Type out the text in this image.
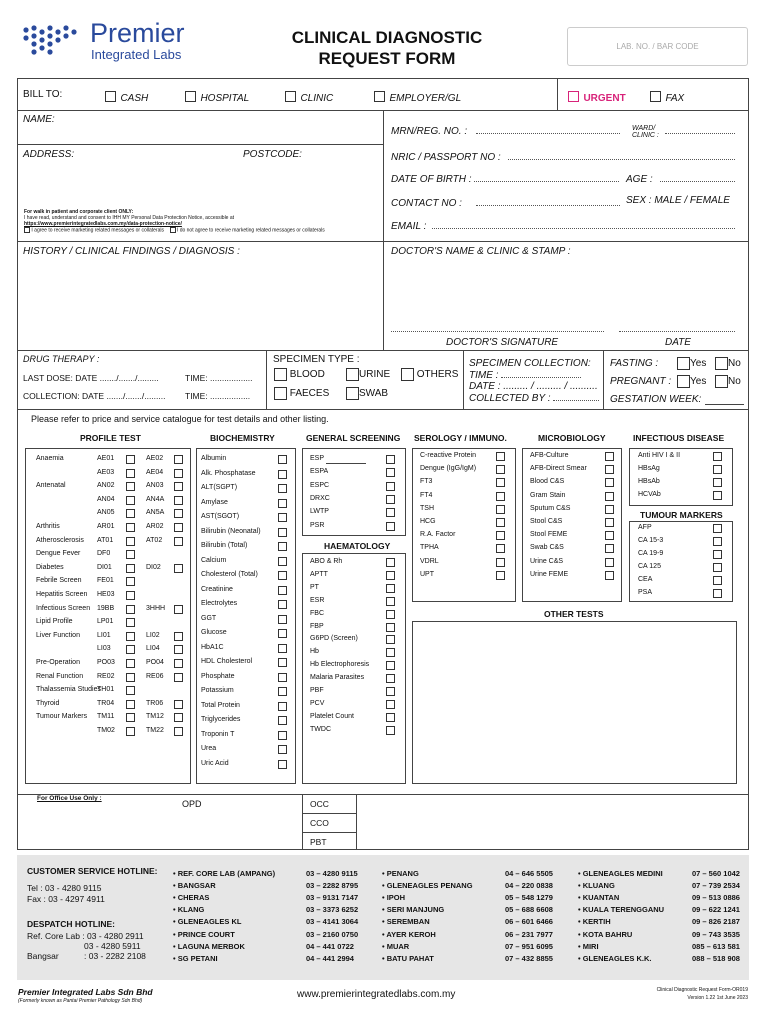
Premier
Integrated Labs
CLINICAL DIAGNOSTIC
REQUEST FORM
LAB. NO. / BAR CODE
BILL TO:	CASH	HOSPITAL	CLINIC	EMPLOYER/GL	URGENT	FAX
NAME:
ADDRESS:	POSTCODE:
MRN/REG. NO. :	WARD/
CLINIC :
NRIC / PASSPORT NO :
DATE OF BIRTH :	AGE :
CONTACT NO :	SEX : MALE / FEMALE
EMAIL :
For walk in patient and corporate client ONLY:
I have read, understand and consent to IHH MY Personal Data Protection Notice, accessible at
https://www.premierintegratedlabs.com.my/data-protection-notice/
I agree to receive marketing related messages or collaterals	I do not agree to receive marketing related messages or collaterals
HISTORY / CLINICAL FINDINGS / DIAGNOSIS :	DOCTOR'S NAME & CLINIC & STAMP :
DOCTOR'S SIGNATURE	DATE
DRUG THERAPY :
LAST DOSE: DATE ......./......./.........	TIME: ..................
COLLECTION: DATE ......./......./......... TIME: .................
SPECIMEN TYPE :
BLOOD	URINE	OTHERS
FAECES	SWAB
SPECIMEN COLLECTION:
TIME :
DATE : ......... / ......... / ..........
COLLECTED BY :
FASTING :	Yes	No
PREGNANT :	Yes	No
GESTATION WEEK:
Please refer to price and service catalogue for test details and other listing.
PROFILE TEST	BIOCHEMISTRY	GENERAL SCREENING SEROLOGY / IMMUNO.	MICROBIOLOGY	INFECTIOUS DISEASE
Anaemia	AE01	AE02
AE03	AE04
Antenatal	AN02	AN03
AN04	AN4A
AN05	AN5A
Arthritis	AR01	AR02
Atherosclerosis AT01	AT02
Dengue Fever DF0
Diabetes	DI01	DI02
Febrile Screen FE01
Hepatitis Screen HE03
Infectious Screen 19BB	3HHH
Lipid Profile	LP01
Liver Function LI01	LI02
LI03	LI04
Pre-Operation PO03	PO04
Renal Function RE02	RE06
Thalassemia Studies
TH01
Thyroid	TR04	TR06
Tumour Markers TM11	TM12
TM02	TM22
Albumin
Alk. Phosphatase
ALT(SGPT)
Amylase
AST(SGOT)
Bilirubin (Neonatal)
Bilirubin (Total)
Calcium
Cholesterol (Total)
Creatinine
Electrolytes
GGT
Glucose
HbA1C
HDL Cholesterol
Phosphate
Potassium
Total Protein
Triglycerides
Troponin T
Urea
Uric Acid
ESP
ESPA
ESPC
DRXC
LWTP
PSR
HAEMATOLOGY
ABO & Rh
APTT
PT
ESR
FBC
FBP
G6PD (Screen)
Hb
Hb Electrophoresis
Malaria Parasites
PBF
PCV
Platelet Count
TWDC
C-reactive Protein
Dengue (IgG/IgM)
FT3
FT4
TSH
HCG
R.A. Factor
TPHA
VDRL
UPT
AFB-Culture
AFB-Direct Smear
Blood C&S
Gram Stain
Sputum C&S
Stool C&S
Stool FEME
Swab C&S
Urine C&S
Urine FEME
Anti HIV I & II
HBsAg
HBsAb
HCVAb
TUMOUR MARKERS
AFP
CA 15-3
CA 19-9
CA 125
CEA
PSA
OTHER TESTS
For Office Use Only :
OPD	OCC
CCO
PBT
CUSTOMER SERVICE HOTLINE:
Tel : 03 - 4280 9115
Fax : 03 - 4297 4911
DESPATCH HOTLINE:
Ref. Core Lab : 03 - 4280 2911
03 - 4280 5911
Bangsar	: 03 - 2282 2108
• REF. CORE LAB (AMPANG)	03 – 4280 9115
• BANGSAR	03 – 2282 8795
• CHERAS	03 – 9131 7147
• KLANG	03 – 3373 6252
• GLENEAGLES KL	03 – 4141 3064
• PRINCE COURT	03 – 2160 0750
• LAGUNA MERBOK	04 – 441 0722
• SG PETANI	04 – 441 2994
• PENANG	04 – 646 5505
• GLENEAGLES PENANG	04 – 220 0838
• IPOH	05 – 548 1279
• SERI MANJUNG	05 – 688 6608
• SEREMBAN	06 – 601 6466
• AYER KEROH	06 – 231 7977
• MUAR	07 – 951 6095
• BATU PAHAT	07 – 432 8855
• GLENEAGLES MEDINI	07 – 560 1042
• KLUANG	07 – 739 2534
• KUANTAN	09 – 513 0886
• KUALA TERENGGANU	09 – 622 1241
• KERTIH	09 – 826 2187
• KOTA BAHRU	09 – 743 3535
• MIRI	085 – 613 581
• GLENEAGLES K.K.	088 – 518 908
Premier Integrated Labs Sdn Bhd
(Formerly known as Pantai Premier Pathology Sdn Bhd)
www.premierintegratedlabs.com.my	Clinical Diagnostic Request Form-OR019
Version 1.22 1st June 2023
